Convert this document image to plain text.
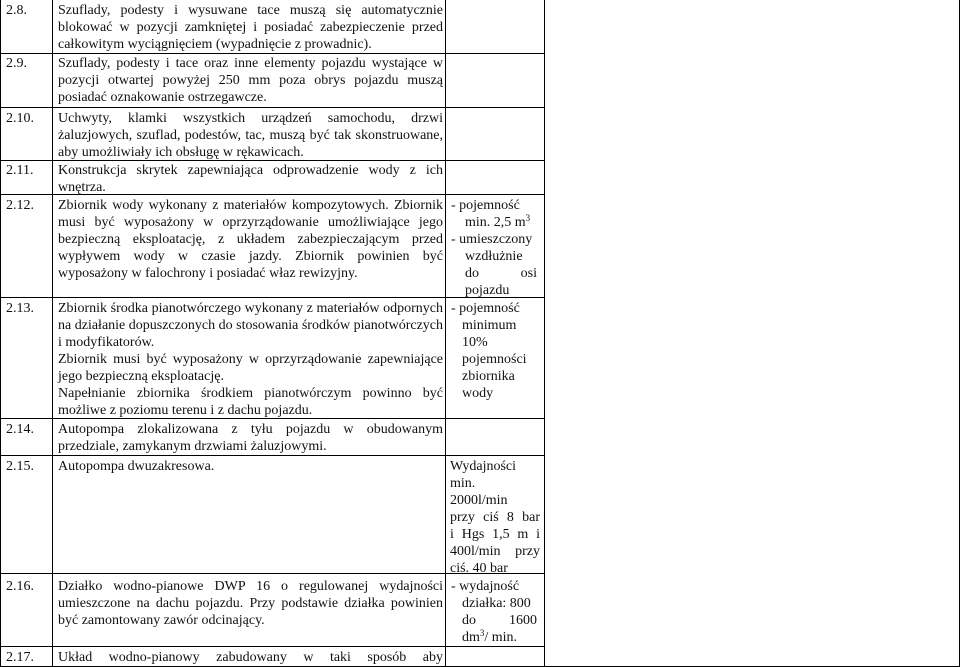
2.8. Szuflady, podesty i wysuwane tace muszą się automatycznie blokować w pozycji zamkniętej i posiadać zabezpieczenie przed całkowitym wyciągnięciem (wypadnięcie z prowadnic).

2.9. Szuflady, podesty i tace oraz inne elementy pojazdu wystające w pozycji otwartej powyżej 250 mm poza obrys pojazdu muszą posiadać oznakowanie ostrzegawcze.

2.10. Uchwyty, klamki wszystkich urządzeń samochodu, drzwi żaluzjowych, szuflad, podestów, tac, muszą być tak skonstruowane, aby umożliwiały ich obsługę w rękawicach.

2.11. Konstrukcja skrytek zapewniająca odprowadzenie wody z ich wnętrza.

2.12. Zbiornik wody wykonany z materiałów kompozytowych. Zbiornik musi być wyposażony w oprzyrządowanie umożliwiające jego bezpieczną eksploatację, z układem zabezpieczającym przed wypływem wody w czasie jazdy. Zbiornik powinien być wyposażony w falochrony i posiadać właz rewizyjny.

- pojemność
min. 2,5 $m^3$
- umieszczony
wzdłużnie
do osi
pojazdu
2.13. Zbiornik środka pianotwórczego wykonany z materiałów odpornych na działanie dopuszczonych do stosowania środków pianotwórczych i modyfikatorów.

Zbiornik musi być wyposażony w oprzyrządowanie zapewniające jego bezpieczną eksploatację.

Napełnianie zbiornika środkiem pianotwórczym powinno być możliwe z poziomu terenu i z dachu pojazdu.

- pojemność
minimum
10%
pojemności
zbiornika
wody
2.14. Autopompa zlokalizowana z tyłu pojazdu w obudowanym przedziale, zamykanym drzwiami żaluzjowymi.

2.15. Autopompa dwuzakresowa.	Wydajności
min.
2000l/min
przy ciś 8 bar
i Hgs 1,5 m i
400l/min przy
ciś. 40 bar
2.16. Działko wodno-pianowe DWP 16 o regulowanej wydajności umieszczone na dachu pojazdu. Przy podstawie działka powinien być zamontowany zawór odcinający.

- wydajność
działka: 800
do 1600
$dm^3/$ min.
2.17. Układ wodno-pianowy zabudowany w taki sposób aby
